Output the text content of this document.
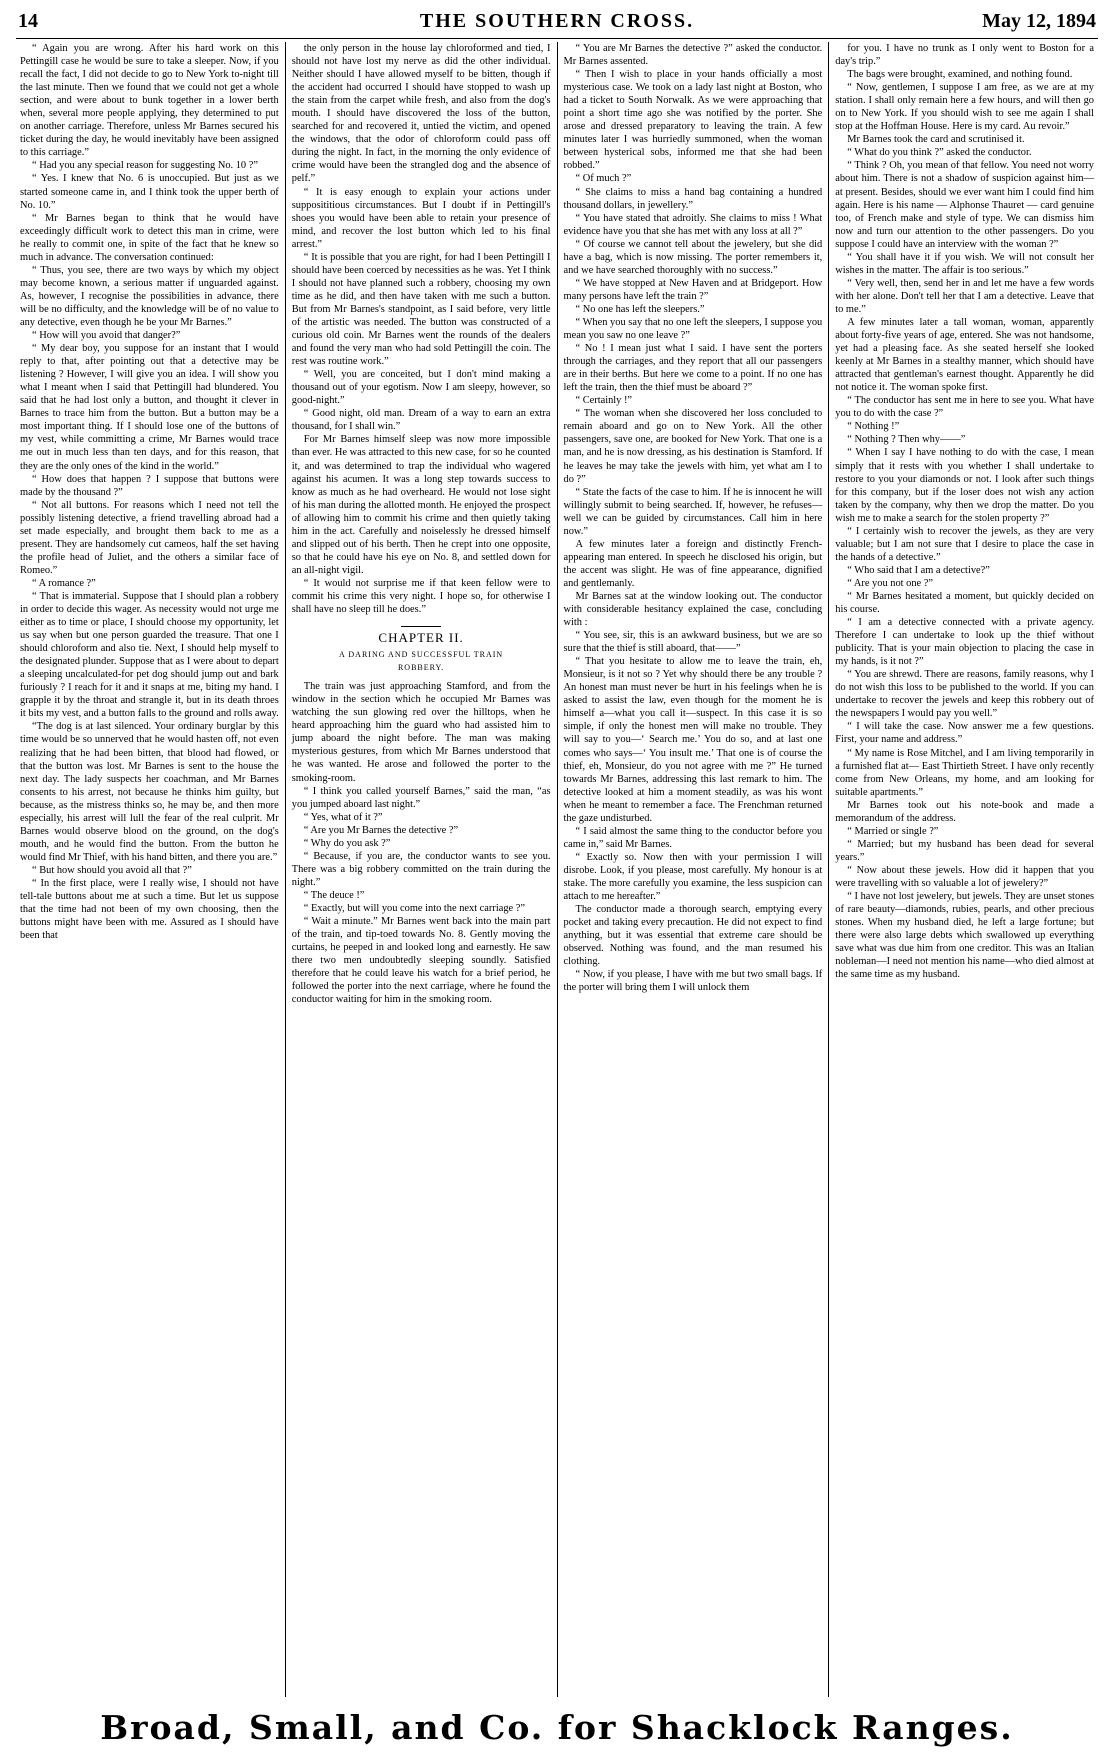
14	THE SOUTHERN CROSS.	May 12, 1894

“ Again you are wrong. After his hard work on this Pettingill case he would be sure to take a sleeper. Now, if you recall the fact, I did not decide to go to New York to-night till the last minute. Then we found that we could not get a whole section, and were about to bunk together in a lower berth when, several more people applying, they determined to put on another carriage. Therefore, unless Mr Barnes secured his ticket during the day, he would inevitably have been assigned to this carriage.”

“ Had you any special reason for suggesting No. 10 ?”

“ Yes. I knew that No. 6 is unoccupied. But just as we started someone came in, and I think took the upper berth of No. 10.”

“ Mr Barnes began to think that he would have exceedingly difficult work to detect this man in crime, were he really to commit one, in spite of the fact that he knew so much in advance. The conversation continued:

“ Thus, you see, there are two ways by which my object may become known, a serious matter if unguarded against. As, however, I recognise the possibilities in advance, there will be no difficulty, and the knowledge will be of no value to any detective, even though he be your Mr Barnes.”

“ How will you avoid that danger?”

“ My dear boy, you suppose for an instant that I would reply to that, after pointing out that a detective may be listening ? However, I will give you an idea. I will show you what I meant when I said that Pettingill had blundered. You said that he had lost only a button, and thought it clever in Barnes to trace him from the button. But a button may be a most important thing. If I should lose one of the buttons of my vest, while committing a crime, Mr Barnes would trace me out in much less than ten days, and for this reason, that they are the only ones of the kind in the world.”

“ How does that happen ? I suppose that buttons were made by the thousand ?”

“ Not all buttons. For reasons which I need not tell the possibly listening detective, a friend travelling abroad had a set made especially, and brought them back to me as a present. They are handsomely cut cameos, half the set having the profile head of Juliet, and the others a similar face of Romeo.”

“ A romance ?”

“ That is immaterial. Suppose that I should plan a robbery in order to decide this wager. As necessity would not urge me either as to time or place, I should choose my opportunity, let us say when but one person guarded the treasure. That one I should chloroform and also tie. Next, I should help myself to the designated plunder. Suppose that as I were about to depart a sleeping uncalculated-for pet dog should jump out and bark furiously ? I reach for it and it snaps at me, biting my hand. I grapple it by the throat and strangle it, but in its death throes it bits my vest, and a button falls to the ground and rolls away.

“The dog is at last silenced. Your ordinary burglar by this time would be so unnerved that he would hasten off, not even realizing that he had been bitten, that blood had flowed, or that the button was lost. Mr Barnes is sent to the house the next day. The lady suspects her coachman, and Mr Barnes consents to his arrest, not because he thinks him guilty, but because, as the mistress thinks so, he may be, and then more especially, his arrest will lull the fear of the real culprit. Mr Barnes would observe blood on the ground, on the dog's mouth, and he would find the button. From the button he would find Mr Thief, with his hand bitten, and there you are.”

“ But how should you avoid all that ?”

“ In the first place, were I really wise, I should not have tell-tale buttons about me at such a time. But let us suppose that the time had not been of my own choosing, then the buttons might have been with me. Assured as I should have been that

the only person in the house lay chloroformed and tied, I should not have lost my nerve as did the other individual. Neither should I have allowed myself to be bitten, though if the accident had occurred I should have stopped to wash up the stain from the carpet while fresh, and also from the dog's mouth. I should have discovered the loss of the button, searched for and recovered it, untied the victim, and opened the windows, that the odor of chloroform could pass off during the night. In fact, in the morning the only evidence of crime would have been the strangled dog and the absence of pelf.”

“ It is easy enough to explain your actions under supposititious circumstances. But I doubt if in Pettingill's shoes you would have been able to retain your presence of mind, and recover the lost button which led to his final arrest.”

“ It is possible that you are right, for had I been Pettingill I should have been coerced by necessities as he was. Yet I think I should not have planned such a robbery, choosing my own time as he did, and then have taken with me such a button. But from Mr Barnes's standpoint, as I said before, very little of the artistic was needed. The button was constructed of a curious old coin. Mr Barnes went the rounds of the dealers and found the very man who had sold Pettingill the coin. The rest was routine work.”

“ Well, you are conceited, but I don't mind making a thousand out of your egotism. Now I am sleepy, however, so good-night.”

“ Good night, old man. Dream of a way to earn an extra thousand, for I shall win.”

For Mr Barnes himself sleep was now more impossible than ever. He was attracted to this new case, for so he counted it, and was determined to trap the individual who wagered against his acumen. It was a long step towards success to know as much as he had overheard. He would not lose sight of his man during the allotted month. He enjoyed the prospect of allowing him to commit his crime and then quietly taking him in the act. Carefully and noiselessly he dressed himself and slipped out of his berth. Then he crept into one opposite, so that he could have his eye on No. 8, and settled down for an all-night vigil.

“ It would not surprise me if that keen fellow were to commit his crime this very night. I hope so, for otherwise I shall have no sleep till he does.”

CHAPTER II.
A DARING AND SUCCESSFUL TRAIN
ROBBERY.

The train was just approaching Stamford, and from the window in the section which he occupied Mr Barnes was watching the sun glowing red over the hilltops, when he heard approaching him the guard who had assisted him to jump aboard the night before. The man was making mysterious gestures, from which Mr Barnes understood that he was wanted. He arose and followed the porter to the smoking-room.

“ I think you called yourself Barnes,” said the man, “as you jumped aboard last night.”

“ Yes, what of it ?”

“ Are you Mr Barnes the detective ?”

“ Why do you ask ?”

“ Because, if you are, the conductor wants to see you. There was a big robbery committed on the train during the night.”

“ The deuce !”

“ Exactly, but will you come into the next carriage ?”

“ Wait a minute.” Mr Barnes went back into the main part of the train, and tip-toed towards No. 8. Gently moving the curtains, he peeped in and looked long and earnestly. He saw there two men undoubtedly sleeping soundly. Satisfied therefore that he could leave his watch for a brief period, he followed the porter into the next carriage, where he found the conductor waiting for him in the smoking room.

“ You are Mr Barnes the detective ?” asked the conductor. Mr Barnes assented.

“ Then I wish to place in your hands officially a most mysterious case. We took on a lady last night at Boston, who had a ticket to South Norwalk. As we were approaching that point a short time ago she was notified by the porter. She arose and dressed preparatory to leaving the train. A few minutes later I was hurriedly summoned, when the woman between hysterical sobs, informed me that she had been robbed.”

“ Of much ?”

“ She claims to miss a hand bag containing a hundred thousand dollars, in jewellery.”

“ You have stated that adroitly. She claims to miss ! What evidence have you that she has met with any loss at all ?”

“ Of course we cannot tell about the jewelery, but she did have a bag, which is now missing. The porter remembers it, and we have searched thoroughly with no success.”

“ We have stopped at New Haven and at Bridgeport. How many persons have left the train ?”

“ No one has left the sleepers.”

“ When you say that no one left the sleepers, I suppose you mean you saw no one leave ?”

“ No ! I mean just what I said. I have sent the porters through the carriages, and they report that all our passengers are in their berths. But here we come to a point. If no one has left the train, then the thief must be aboard ?”

“ Certainly !”

“ The woman when she discovered her loss concluded to remain aboard and go on to New York. All the other passengers, save one, are booked for New York. That one is a man, and he is now dressing, as his destination is Stamford. If he leaves he may take the jewels with him, yet what am I to do ?”

“ State the facts of the case to him. If he is innocent he will willingly submit to being searched. If, however, he refuses—well we can be guided by circumstances. Call him in here now.”

A few minutes later a foreign and distinctly French-appearing man entered. In speech he disclosed his origin, but the accent was slight. He was of fine appearance, dignified and gentlemanly.

Mr Barnes sat at the window looking out. The conductor with considerable hesitancy explained the case, concluding with :

“ You see, sir, this is an awkward business, but we are so sure that the thief is still aboard, that——”

“ That you hesitate to allow me to leave the train, eh, Monsieur, is it not so ? Yet why should there be any trouble ? An honest man must never be hurt in his feelings when he is asked to assist the law, even though for the moment he is himself a—what you call it—suspect. In this case it is so simple, if only the honest men will make no trouble. They will say to you—‘ Search me.’ You do so, and at last one comes who says—‘ You insult me.’ That one is of course the thief, eh, Monsieur, do you not agree with me ?” He turned towards Mr Barnes, addressing this last remark to him. The detective looked at him a moment steadily, as was his wont when he meant to remember a face. The Frenchman returned the gaze undisturbed.

“ I said almost the same thing to the conductor before you came in,” said Mr Barnes.

“ Exactly so. Now then with your permission I will disrobe. Look, if you please, most carefully. My honour is at stake. The more carefully you examine, the less suspicion can attach to me hereafter.”

The conductor made a thorough search, emptying every pocket and taking every precaution. He did not expect to find anything, but it was essential that extreme care should be observed. Nothing was found, and the man resumed his clothing.

“ Now, if you please, I have with me but two small bags. If the porter will bring them I will unlock them

for you. I have no trunk as I only went to Boston for a day's trip.”

The bags were brought, examined, and nothing found.

“ Now, gentlemen, I suppose I am free, as we are at my station. I shall only remain here a few hours, and will then go on to New York. If you should wish to see me again I shall stop at the Hoffman House. Here is my card. Au revoir.”

Mr Barnes took the card and scrutinised it.

“ What do you think ?” asked the conductor.

“ Think ? Oh, you mean of that fellow. You need not worry about him. There is not a shadow of suspicion against him—at present. Besides, should we ever want him I could find him again. Here is his name — Alphonse Thauret — card genuine too, of French make and style of type. We can dismiss him now and turn our attention to the other passengers. Do you suppose I could have an interview with the woman ?”

“ You shall have it if you wish. We will not consult her wishes in the matter. The affair is too serious.”

“ Very well, then, send her in and let me have a few words with her alone. Don't tell her that I am a detective. Leave that to me.”

A few minutes later a tall woman, woman, apparently about forty-five years of age, entered. She was not handsome, yet had a pleasing face. As she seated herself she looked keenly at Mr Barnes in a stealthy manner, which should have attracted that gentleman's earnest thought. Apparently he did not notice it. The woman spoke first.

“ The conductor has sent me in here to see you. What have you to do with the case ?”

“ Nothing !”

“ Nothing ? Then why——”

“ When I say I have nothing to do with the case, I mean simply that it rests with you whether I shall undertake to restore to you your diamonds or not. I look after such things for this company, but if the loser does not wish any action taken by the company, why then we drop the matter. Do you wish me to make a search for the stolen property ?”

“ I certainly wish to recover the jewels, as they are very valuable; but I am not sure that I desire to place the case in the hands of a detective.”

“ Who said that I am a detective?”

“ Are you not one ?”

“ Mr Barnes hesitated a moment, but quickly decided on his course.

“ I am a detective connected with a private agency. Therefore I can undertake to look up the thief without publicity. That is your main objection to placing the case in my hands, is it not ?”

“ You are shrewd. There are reasons, family reasons, why I do not wish this loss to be published to the world. If you can undertake to recover the jewels and keep this robbery out of the newspapers I would pay you well.”

“ I will take the case. Now answer me a few questions. First, your name and address.”

“ My name is Rose Mitchel, and I am living temporarily in a furnished flat at— East Thirtieth Street. I have only recently come from New Orleans, my home, and am looking for suitable apartments.”

Mr Barnes took out his note-book and made a memorandum of the address.

“ Married or single ?”

“ Married; but my husband has been dead for several years.”

“ Now about these jewels. How did it happen that you were travelling with so valuable a lot of jewelery?”

“ I have not lost jewelery, but jewels. They are unset stones of rare beauty—diamonds, rubies, pearls, and other precious stones. When my husband died, he left a large fortune; but there were also large debts which swallowed up everything save what was due him from one creditor. This was an Italian nobleman—I need not mention his name—who died almost at the same time as my husband.

Broad, Small, and Co. for Shacklock Ranges.
